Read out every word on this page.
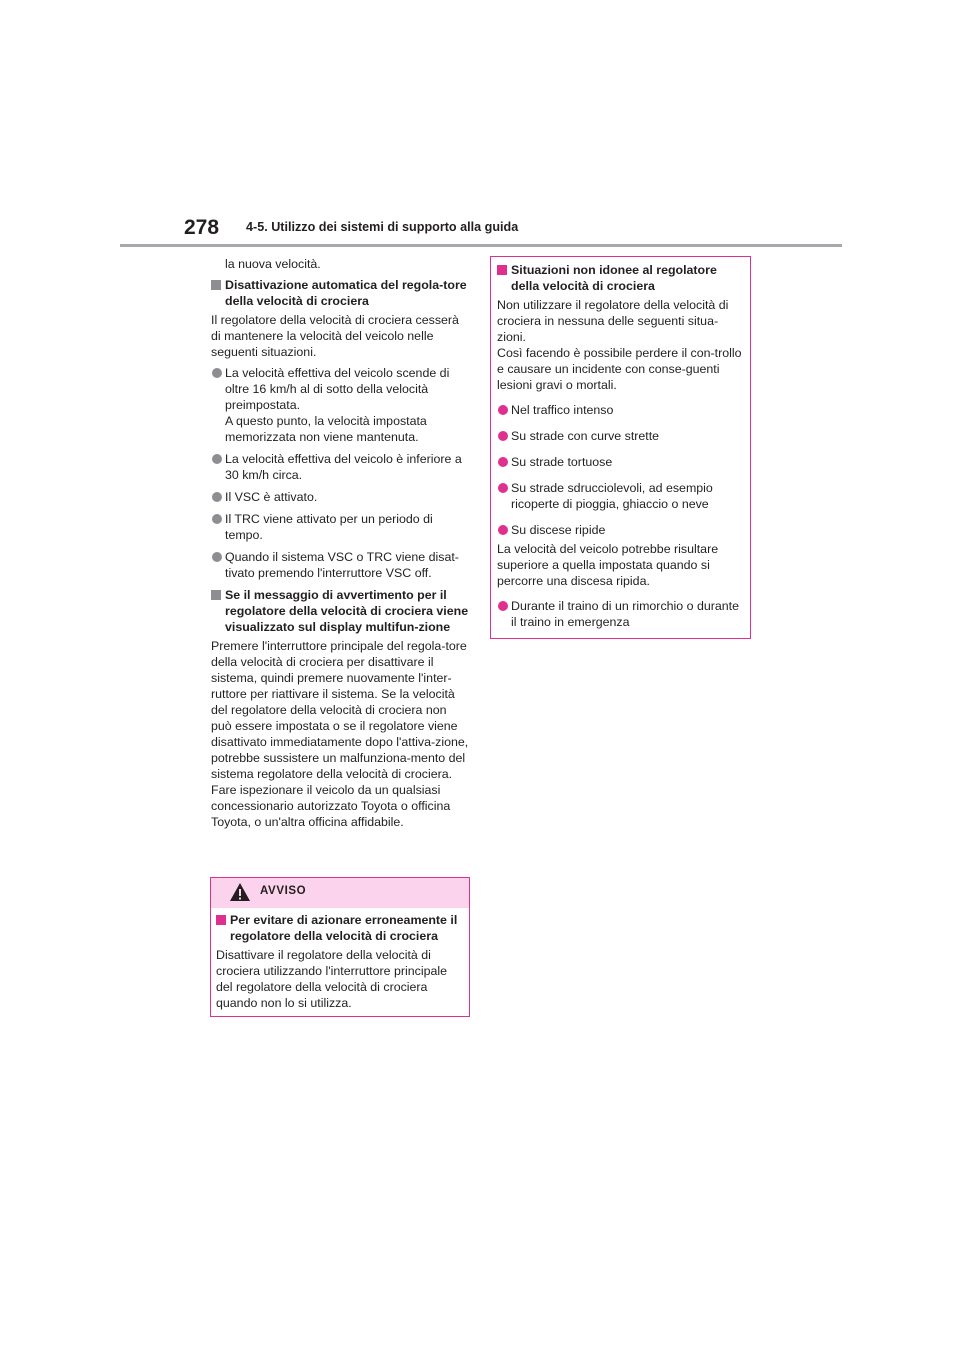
278 4-5. Utilizzo dei sistemi di supporto alla guida
la nuova velocità.
Disattivazione automatica del regola-tore della velocità di crociera
Il regolatore della velocità di crociera cesserà di mantenere la velocità del veicolo nelle seguenti situazioni.
La velocità effettiva del veicolo scende di oltre 16 km/h al di sotto della velocità preimpostata.
A questo punto, la velocità impostata memorizzata non viene mantenuta.
La velocità effettiva del veicolo è inferiore a 30 km/h circa.
Il VSC è attivato.
Il TRC viene attivato per un periodo di tempo.
Quando il sistema VSC o TRC viene disat-tivato premendo l'interruttore VSC off.
Se il messaggio di avvertimento per il regolatore della velocità di crociera viene visualizzato sul display multifun-zione
Premere l'interruttore principale del regola-tore della velocità di crociera per disattivare il sistema, quindi premere nuovamente l'inter-ruttore per riattivare il sistema. Se la velocità del regolatore della velocità di crociera non può essere impostata o se il regolatore viene disattivato immediatamente dopo l'attiva-zione, potrebbe sussistere un malfunziona-mento del sistema regolatore della velocità di crociera. Fare ispezionare il veicolo da un qualsiasi concessionario autorizzato Toyota o officina Toyota, o un'altra officina affidabile.
AVVISO
Per evitare di azionare erroneamente il regolatore della velocità di crociera
Disattivare il regolatore della velocità di crociera utilizzando l'interruttore principale del regolatore della velocità di crociera quando non lo si utilizza.
Situazioni non idonee al regolatore della velocità di crociera
Non utilizzare il regolatore della velocità di crociera in nessuna delle seguenti situa-zioni.
Così facendo è possibile perdere il con-trollo e causare un incidente con conse-guenti lesioni gravi o mortali.
Nel traffico intenso
Su strade con curve strette
Su strade tortuose
Su strade sdrucciolevoli, ad esempio ricoperte di pioggia, ghiaccio o neve
Su discese ripide
La velocità del veicolo potrebbe risultare superiore a quella impostata quando si percorre una discesa ripida.
Durante il traino di un rimorchio o durante il traino in emergenza
